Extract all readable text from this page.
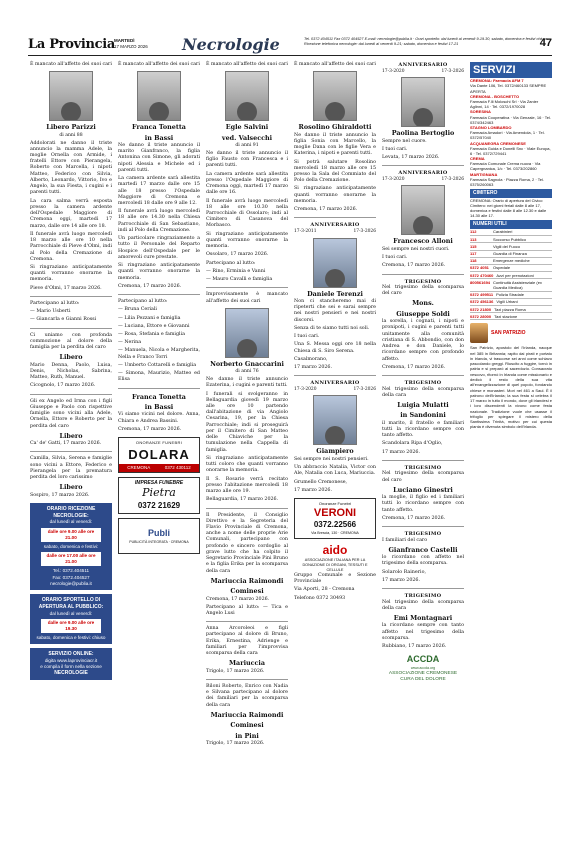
La Provincia
MARTEDÌ
17 MARZO 2026 Necrologie	Tel. 0372 404511 Fax 0372 404527 E-mail: necrologie@publia.it · Orari sportello: dal lunedì al venerdì 9-19.30, sabato, domenica e festivi chiuso. Ricezione telefonica necrologie: dal lunedì al venerdì 9-21; sabato, domenica e festivi 17-21	47

È mancato all'affetto dei suoi cari

Libero Parizzi
di anni 88

Addolorati ne danno il triste annuncio la mamma Adele, la moglie Ornella con Armide, i fratelli Ettore con Pierangela, Roberto con Marcella, i nipoti Matteo, Federico con Silvia, Alberto, Leonardo, Vittorio, Ivo e Angelo, la sua Fiesta, i cugini e i parenti tutti.

La cara salma verrà esposta presso la camera ardente dell'Ospedale Maggiore di Cremona oggi, martedì 17 marzo, dalle ore 14 alle ore 18.

Il funerale avrà luogo mercoledì 18 marzo alle ore 10 nella Parrocchiale di Pieve d'Olmi, indi al Polo della Cremazione di Cremona.

Si ringraziano anticipatamente quanti vorranno onorarne la memoria.

Pieve d'Olmi, 17 marzo 2026.

Partecipano al lutto:

— Mario Usberti

— Giancarla e Gianni Rossi

Ci uniamo con profonda commozione al dolore della famiglia per la perdita del caro

Libero

Mario Denna, Paolo, Luisa, Denis, Nicholas, Sabrina, Matteo, Ruth, Manuel.

Cicognolo, 17 marzo 2026.

Gli ex Angelo ed Irma con i figli Giuseppe e Paolo con rispettive famiglie sono vicini alla Adele, Ornella, Ettore e Roberto per la perdita del caro

Libero

Ca' de' Gatti, 17 marzo 2026.

Camilla, Silvia, Serena e famiglie sono vicini a Ettore, Federico e Pierangela per la prematura perdita del loro carissimo

Libero

Sospiro, 17 marzo 2026.

ORARIO RICEZIONE NECROLOGIE:
dal lunedì al venerdì:
dalle ore 9.00 alle ore 21.00
sabato, domenica e festivi:
dalle ore 17.00 alle ore 21.00
Tel.: 0372.404511
Fax: 0372.404527
necrologie@publia.it
ORARIO SPORTELLO DI APERTURA AL PUBBLICO:
dal lunedì al venerdì:
dalle ore 9.00 alle ore 19.30
sabato, domenica e festivi: chiuso
SERVIZIO ONLINE:
digita www.laprovinciacr.it
e compila il form nella sezione
NECROLOGIE

È mancato all'affetto dei suoi cari

Franca Tonetta
in Bassi

Ne danno il triste annuncio il marito Gianfranco, la figlia Antonina con Simone, gli adorati nipoti Alessia e Michele ed i parenti tutti.

La camera ardente sarà allestita martedì 17 marzo dalle ore 15 alle 18 presso l'Ospedale Maggiore di Cremona e mercoledì 18 dalle ore 9 alle 12.

Il funerale avrà luogo mercoledì 18 alle ore 14.30 nella Chiesa Parrocchiale di San Sebastiano, indi al Polo della Cremazione.

Un particolare ringraziamento a tutto il Personale del Reparto Hospice dell'Ospedale per le amorevoli cure prestate.

Si ringraziano anticipatamente quanti vorranno onorarne la memoria.

Cremona, 17 marzo 2026.

Partecipano al lutto:

— Bruna Ceriali

— Lilia Pezzani e famiglia

— Luciana, Ettore e Giovanni

— Rosa, Stefania e famiglia

— Nerina

— Manuela, Nicola e Margherita, Nella e Franco Torri

— Umberto Cottarelli e famiglia

— Simona, Maurizio, Matteo ed Elisa

Franca Tonetta
in Bassi

Vi siamo vicini nel dolore. Anna, Chiara e Andrea Bassini.

Cremona, 17 marzo 2026.

ONORANZE FUNEBRI
DOLARA
CREMONA	0372 430112
IMPRESA FUNEBRE
Pietra
0372 21629
Publi
PUBLICITÀ INTEGRATA · CREMONA

È mancato all'affetto dei suoi cari

Egle Salvini
ved. Valsecchi
di anni 91

Ne danno il triste annuncio il figlio Fausto con Francesca e i parenti tutti.

La camera ardente sarà allestita presso l'Ospedale Maggiore di Cremona oggi, martedì 17 marzo dalle ore 16.

Il funerale avrà luogo mercoledì 18 alle ore 10.30 nella Parrocchiale di Ossolaro; indi al Cimitero di Casanova del Morbasco.

Si ringraziano anticipatamente quanti vorranno onorarne la memoria.

Ossolaro, 17 marzo 2026.

Partecipano al lutto:

— Rino, Erminia e Vanni

— Mauro Cavalli e famiglia

Improvvisamente è mancato all'affetto dei suoi cari

Norberto Gnaccarini
di anni 76

Ne danno il triste annuncio Ezaterina, i cugini e parenti tutti.

I funerali si svolgeranno in Bellaguardia giovedì 19 marzo alle ore 10 partendo dall'abitazione di via Angiolo Cesarina, 19, per la Chiesa Parrocchiale; indi si proseguirà per il Cimitero di San Matteo delle Chiaviche per la tumulazione nella Cappella di famiglia.

Si ringraziano anticipatamente tutti coloro che quanti vorranno onorarne la memoria.

Il S. Rosario verrà recitato presso l'abitazione mercoledì 18 marzo alle ore 19.

Bellaguardia, 17 marzo 2026.

Il Presidente, il Consiglio Direttivo e la Segreteria del Flavio Provinciale di Cremona, anche a nome delle proprie Arie Comunali, partecipano con profondo e sincero cordoglio al grave lutto che ha colpito il Segretario Provinciale Pini Bruno e la figlia Erika per la scomparsa della cara

Mariuccia Raimondi
Cominesi

Cremona, 17 marzo 2026.

Partecipano al lutto: — Tica e Angelo Lusi

Anna Arcoroleoi e figli partecipano al dolore di Bruno, Erika, Ernestina, Adrienge e familiari per l'improvvisa scomparsa della cara

Mariuccia

Trigolo, 17 marzo 2026.

Biloni Roberto, Enrico con Nadia e Silvana partecipano al dolore dei familiari per la scomparsa della cara

Mariuccia Raimondi
Cominesi
in Pini

Trigolo, 17 marzo 2026.

È mancato all'affetto dei suoi cari

Rosolino Ghiraldotti

Ne danno il triste annuncio la figlia Sonia con Marcello, la moglie Dana con le figlie Vera e Katerina, i nipoti e parenti tutti.

Si potrà salutare Rosolino mercoledì 18 marzo alle ore 15 presso la Sala del Commiato del Polo della Cremazione.

Si ringraziano anticipatamente quanti vorranno onorarne la memoria.

Cremona, 17 marzo 2026.

ANNIVERSARIO
17-3-2011	17-3-2026
Daniele Terenzi

Non ci stancheremo mai di ripeterti che sei e sarai sempre nei nostri pensieri e nei nostri discorsi.

Senza di te siamo tutti noi soli.

I tuoi cari.

Una S. Messa oggi ore 18 nella Chiesa di S. Siro Serena.

Casalmorano,

17 marzo 2026.

ANNIVERSARIO
17-3-2020	17-3-2026
Giampiero

Sei sempre nei nostri pensieri.

Un abbraccio Natalia, Victor con Ale, Natalia con Luca, Mariuccia.

Grumello Cremonese,

17 marzo 2026.

Onoranze Funebri
VERONI
0372.22566
Via Brescia, 130 · CREMONA
aido
ASSOCIAZIONE ITALIANA PER LA DONAZIONE DI ORGANI, TESSUTI E CELLULE

Gruppo Comunale e Sezione Provinciale

Via Aporti, 28 - Cremona

Telefono 0372 30493

ANNIVERSARIO
17-3-2020	17-3-2026
Paolina Bertoglio

Sempre nel cuore.

I tuoi cari.

Levata, 17 marzo 2026.

ANNIVERSARIO
17-3-2020	17-3-2026
Francesco Alloni

Sei sempre nei nostri cuori.

I tuoi cari.

Cremona, 17 marzo 2026.

TRIGESIMO

Nel trigesimo della scomparsa del caro

Mons.
Giuseppe Soldi

la sorella, i cognati, i nipoti e pronipoti, i cugini e parenti tutti unitamente alla comunità cristiana di S. Abbondio, con don Andrea e don Daniele, lo ricordano sempre con profondo affetto.

Cremona, 17 marzo 2026.

TRIGESIMO

Nel trigesimo della scomparsa della cara

Luigia Mulatti
in Sandonini

il marito, il fratello e familiari tutti la ricordano sempre con tanto affetto.

Scandolara Ripa d'Oglio,

17 marzo 2026.

TRIGESIMO

Nel trigesimo della scomparsa del caro

Luciano Ginestri

la moglie, il figlio ed i familiari tutti lo ricordano sempre con tanto affetto.

Cremona, 17 marzo 2026.

TRIGESIMO

I familiari del caro

Gianfranco Castelli

lo ricordano con affetto nel trigesimo della scomparsa.

Solarolo Rainerio,

17 marzo 2026.

TRIGESIMO

Nel trigesimo della scomparsa della cara

Emi Montagnari

la ricordano sempre con tanto affetto nel trigesimo della scomparsa.

Rubbiano, 17 marzo 2026.

ACCDA
www.accda.org
ASSOCIAZIONE CREMONESE CURA DEL DOLORE
SERVIZI
CREMONA: Farmacia AFM 7
Via Dante 106, Tel. 0372/460133 SEMPRE APERTA
CREMONA - BOSCHETTO
Farmacia F.lli Moloschi Srl · Via Zanier Aglinni, 14 · Tel. 0372/1970028
SORESINA
Farmacia Cooperativa · Via Genzale, 16 · Tel. 0374/342463
STAGNO LOMBARDO
Farmacia Amadori · Via Amendola, 1 · Tel. 0372/57040
ACQUANEGRA CREMONESE
Farmacia Guida e Donelli Snc · Viale Europa, 6 · Tel. 0372/729441
CREMA
Farmacia Comunale Crema nuova · Via Capergnanica, 1/c · Tel. 0373/202860
MARTIGNANA
Farmacia Sagnola · Piazza Roma, 2 · Tel. 0375/260063
CIMITERO
CREMONA: Orario di apertura del Civico Cimitero: nei giorni feriali dalle 8 alle 17, domenica e festivi dalle 8 alle 12.30 e dalle 14.30 alle 17.
NUMERI UTILI
112	Carabinieri
113	Soccorso Pubblico
115	Vigili del Fuoco
117	Guardia di Finanza
118	Emergenze mediche
0372 4051 Ospedale
0372 470460 Azzi per prenotazioni
800561694 Continuità Assistenziale (ex Guardia Medica)
0372 499511 Polizia Stradale
0372 456136 Vigili Urbani
0372 21800 Taxi piazza Roma
0372 28000 Taxi stazione
SAN PATRIZIO
San Patrizio, apostolo del l'Irlanda, nacque nel 385 in Britannia; rapito dai pirati e portato in Irlanda, vi trascorse sei anni come schiavo pascolando greggi. Riuscito a fuggire, tornò in patria e si preparò al sacerdozio. Consacrato vescovo, ritornò in Irlanda come missionario e dedicò il resto della sua vita all'evangelizzazione di quel popolo, fondando chiese e monasteri. Morì nel 461 a Saul. È il patrono dell'Irlanda; la sua festa si celebra il 17 marzo in tutto il mondo, dove gli irlandesi e i loro discendenti la vivono come festa nazionale. Tradizione vuole che usasse il trifoglio per spiegare il mistero della Santissima Trinità, motivo per cui questa pianta è divenuta simbolo dell'Irlanda.
